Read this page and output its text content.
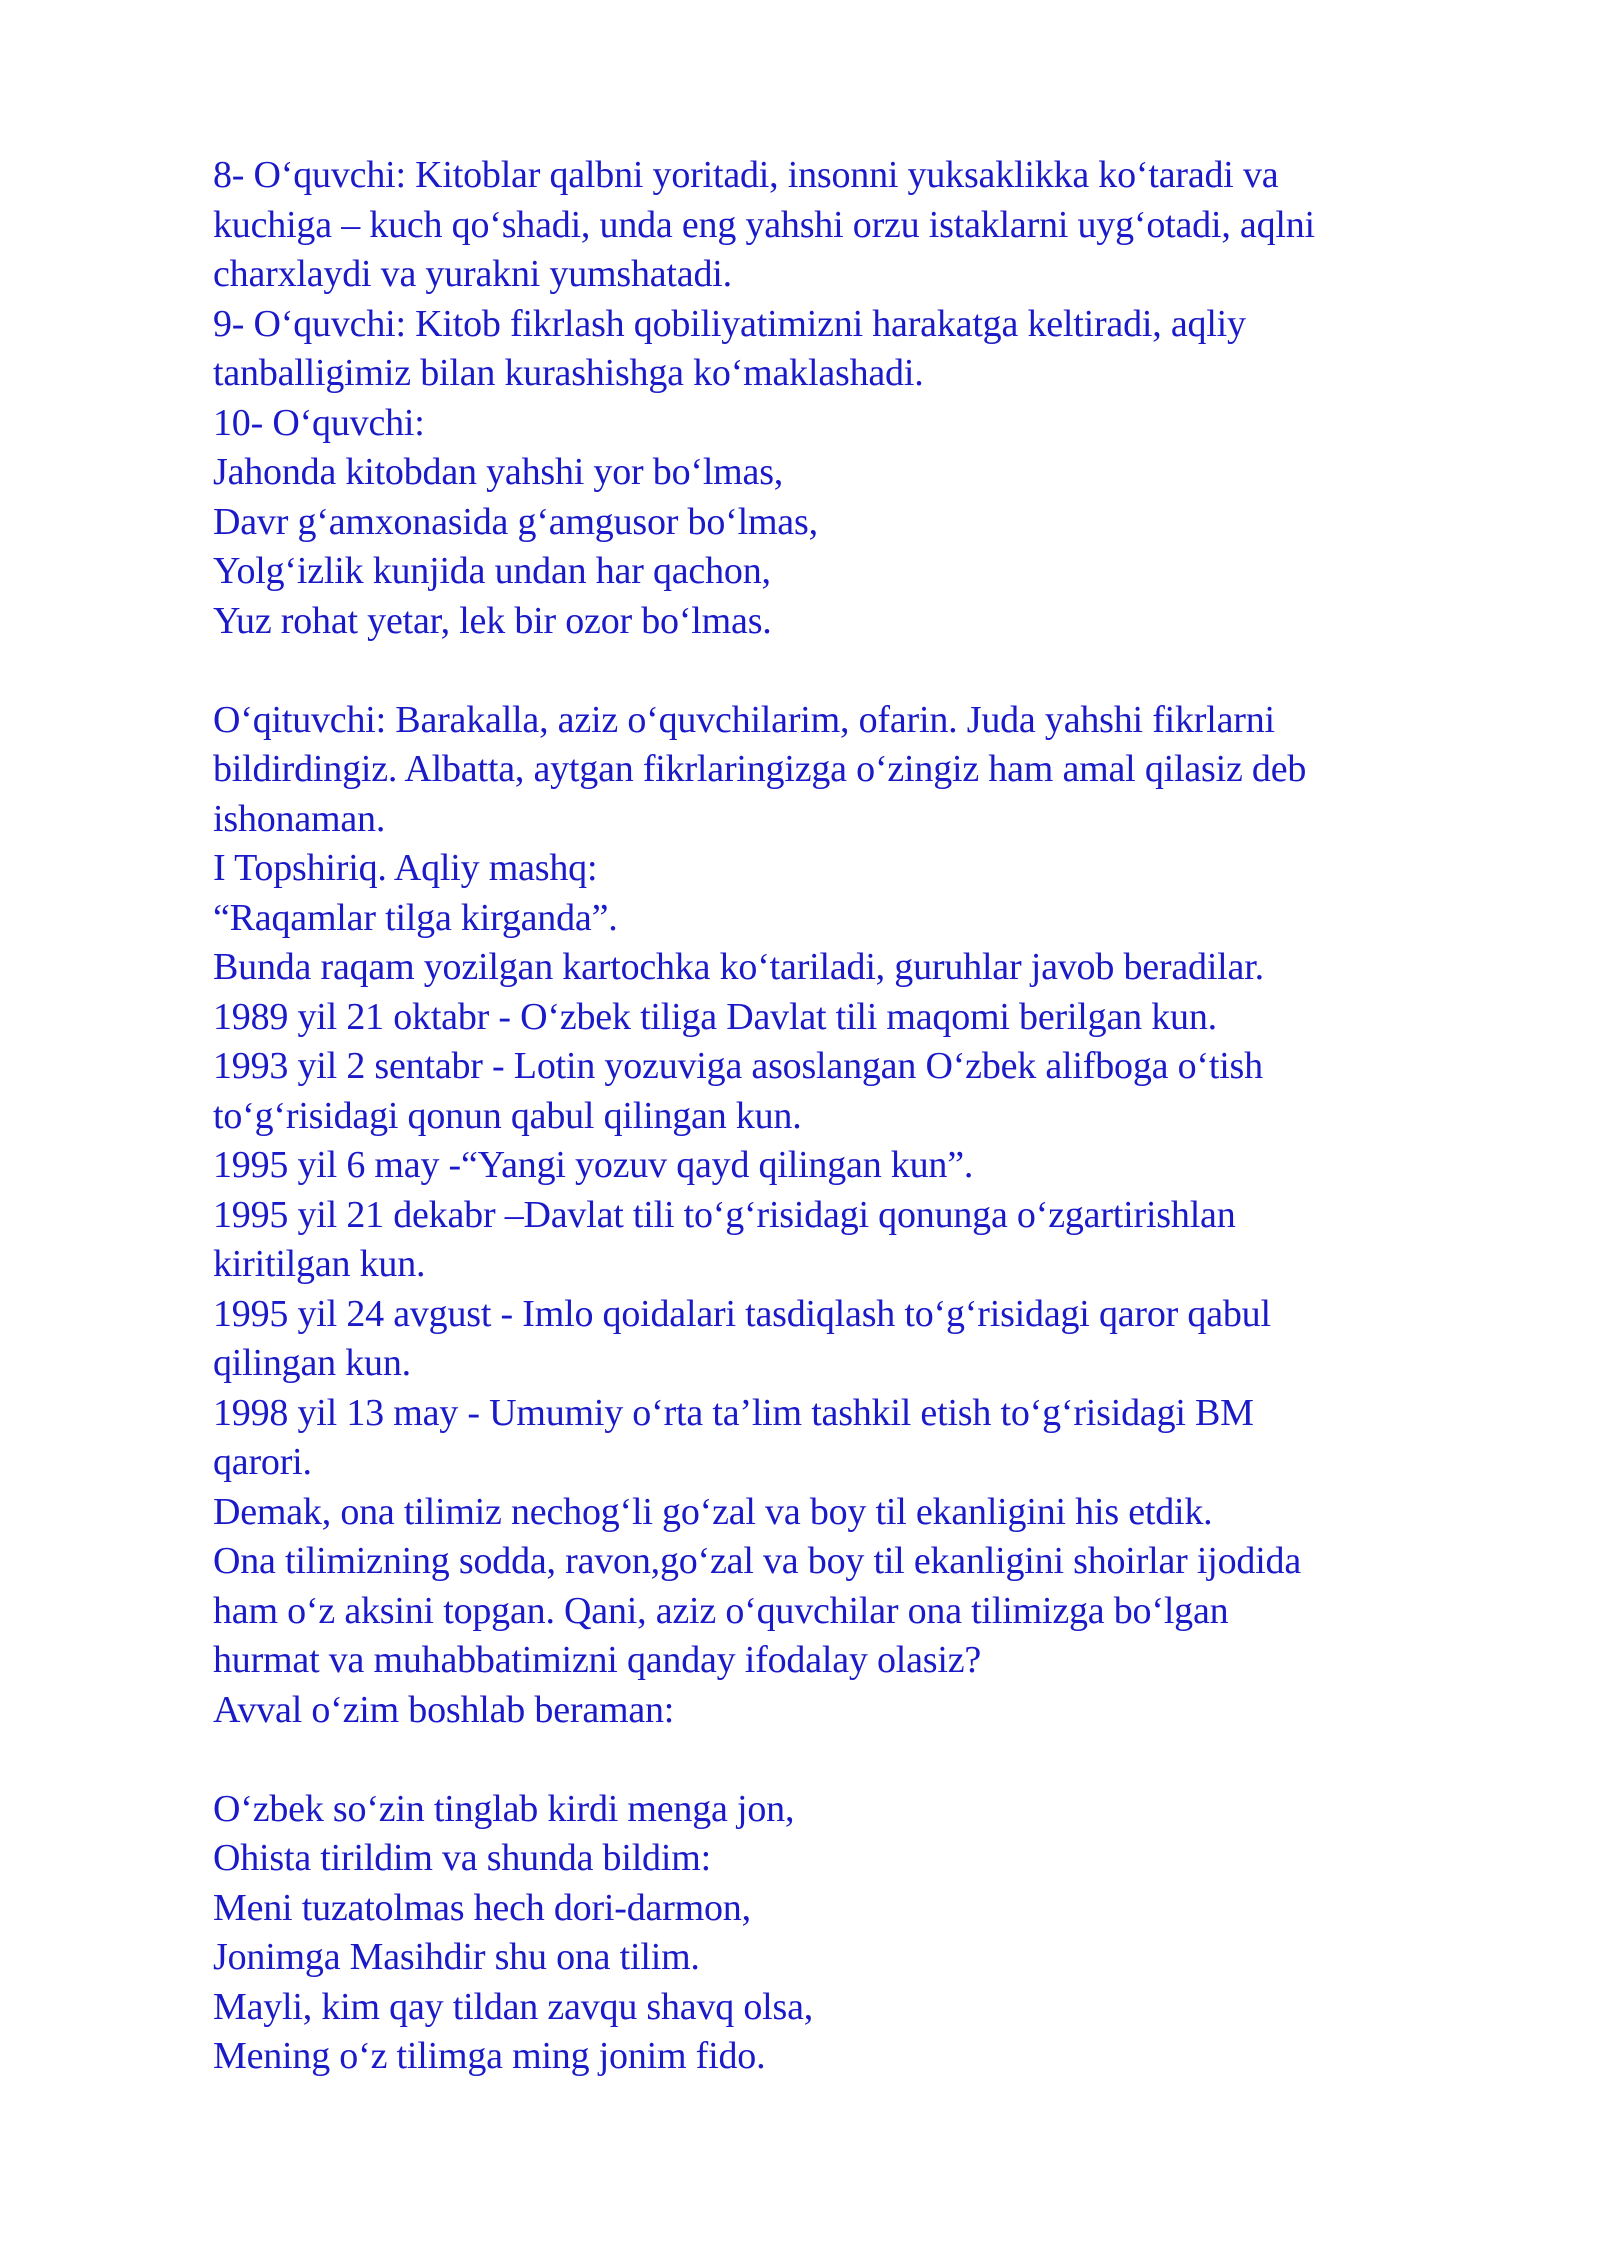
8- O‘quvchi: Kitoblar qalbni yoritadi, insonni yuksaklikka ko‘taradi va
kuchiga – kuch qo‘shadi, unda eng yahshi orzu istaklarni uyg‘otadi, aqlni
charxlaydi va yurakni yumshatadi.
9- O‘quvchi: Kitob fikrlash qobiliyatimizni harakatga keltiradi, aqliy
tanballigimiz bilan kurashishga ko‘maklashadi.
10- O‘quvchi:
Jahonda kitobdan yahshi yor bo‘lmas,
Davr g‘amxonasida g‘amgusor bo‘lmas,
Yolg‘izlik kunjida undan har qachon,
Yuz rohat yetar, lek bir ozor bo‘lmas.
O‘qituvchi: Barakalla, aziz o‘quvchilarim, ofarin. Juda yahshi fikrlarni
bildirdingiz. Albatta, aytgan fikrlaringizga o‘zingiz ham amal qilasiz deb
ishonaman.
I Topshiriq. Aqliy mashq:
“Raqamlar tilga kirganda”.
Bunda raqam yozilgan kartochka ko‘tariladi, guruhlar javob beradilar.
1989 yil 21 oktabr - O‘zbek tiliga Davlat tili maqomi berilgan kun.
1993 yil 2 sentabr - Lotin yozuviga asoslangan O‘zbek alifboga o‘tish
to‘g‘risidagi qonun qabul qilingan kun.
1995 yil 6 may -“Yangi yozuv qayd qilingan kun”.
1995 yil 21 dekabr –Davlat tili to‘g‘risidagi qonunga o‘zgartirishlan
kiritilgan kun.
1995 yil 24 avgust - Imlo qoidalari tasdiqlash to‘g‘risidagi qaror qabul
qilingan kun.
1998 yil 13 may - Umumiy o‘rta ta’lim tashkil etish to‘g‘risidagi BM
qarori.
Demak, ona tilimiz nechog‘li go‘zal va boy til ekanligini his etdik.
Ona tilimizning sodda, ravon,go‘zal va boy til ekanligini shoirlar ijodida
ham o‘z aksini topgan. Qani, aziz o‘quvchilar ona tilimizga bo‘lgan
hurmat va muhabbatimizni qanday ifodalay olasiz?
Avval o‘zim boshlab beraman:
O‘zbek so‘zin tinglab kirdi menga jon,
Ohista tirildim va shunda bildim:
Meni tuzatolmas hech dori-darmon,
Jonimga Masihdir shu ona tilim.
Mayli, kim qay tildan zavqu shavq olsa,
Mening o‘z tilimga ming jonim fido.
